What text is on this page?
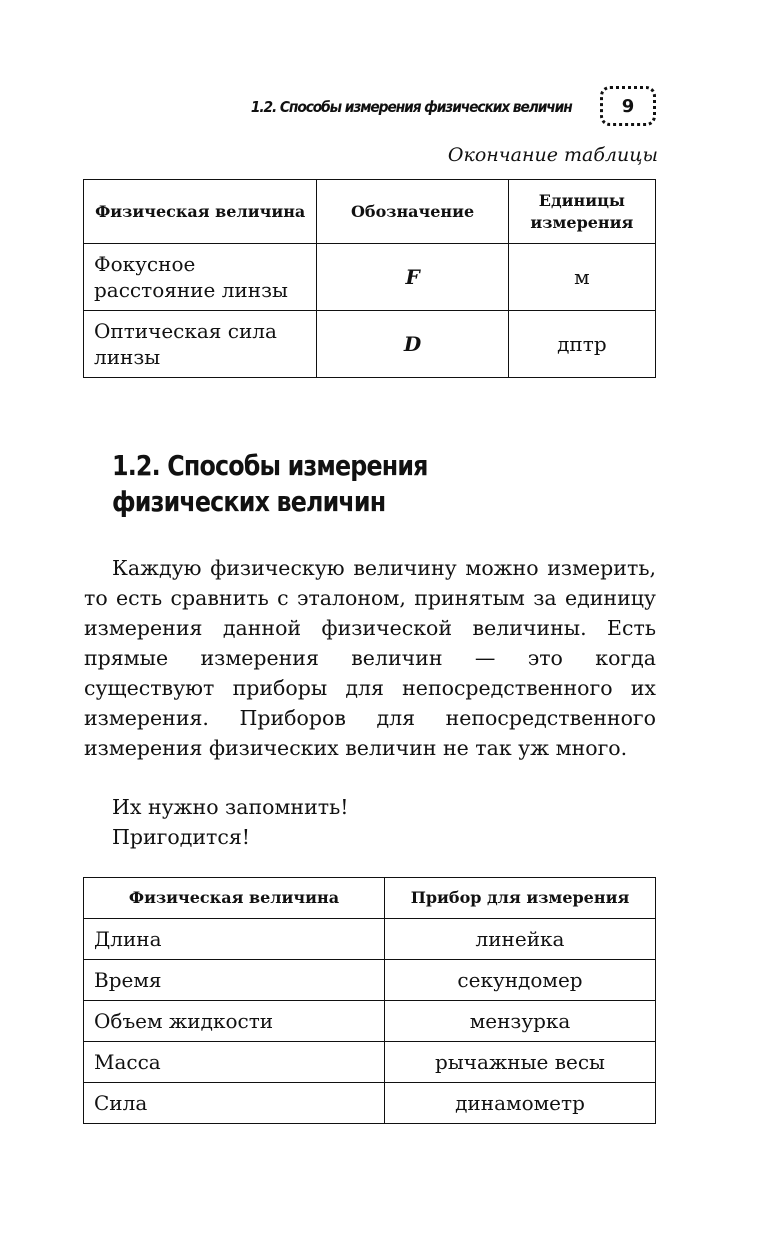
1.2. Способы измерения физических величин	9
Окончание таблицы
Физическая величина	Обозначение	Единицы измерения
Фокусное расстояние линзы	F	м
Оптическая сила линзы	D	дптр
1.2. Способы измерения
физических величин

Каждую физическую величину можно измерить, то есть сравнить с эталоном, принятым за единицу измерения данной физической величины. Есть прямые измерения величин — это когда существуют приборы для непосредственного их измерения. Приборов для непосредственного измерения физических величин не так уж много.

Их нужно запомнить!
Пригодится!
Физическая величина	Прибор для измерения
Длина	линейка
Время	секундомер
Объем жидкости	мензурка
Масса	рычажные весы
Сила	динамометр
